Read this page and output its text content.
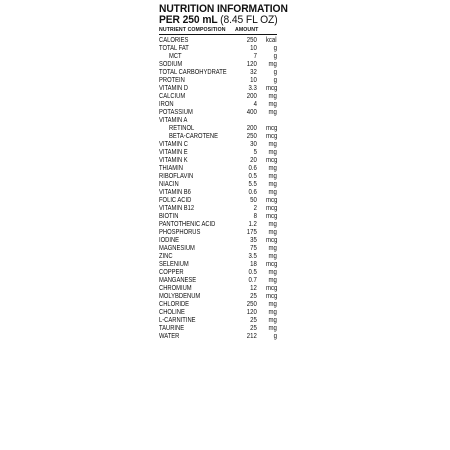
NUTRITION INFORMATION
PER 250 mL (8.45 FL OZ)
NUTRIENT COMPOSITION AMOUNT
CALORIES	250 kcal
TOTAL FAT	10 g
MCT	7 g
SODIUM	120 mg
TOTAL CARBOHYDRATE	32 g
PROTEIN	10 g
VITAMIN D	3.3 mcg
CALCIUM	200 mg
IRON	4 mg
POTASSIUM	400 mg
VITAMIN A
RETINOL	200 mcg
BETA-CAROTENE	250 mcg
VITAMIN C	30 mg
VITAMIN E	5 mg
VITAMIN K	20 mcg
THIAMIN	0.6 mg
RIBOFLAVIN	0.5 mg
NIACIN	5.5 mg
VITAMIN B6	0.6 mg
FOLIC ACID	50 mcg
VITAMIN B12	2 mcg
BIOTIN	8 mcg
PANTOTHENIC ACID	1.2 mg
PHOSPHORUS	175 mg
IODINE	35 mcg
MAGNESIUM	75 mg
ZINC	3.5 mg
SELENIUM	18 mcg
COPPER	0.5 mg
MANGANESE	0.7 mg
CHROMIUM	12 mcg
MOLYBDENUM	25 mcg
CHLORIDE	250 mg
CHOLINE	120 mg
L-CARNITINE	25 mg
TAURINE	25 mg
WATER	212 g
